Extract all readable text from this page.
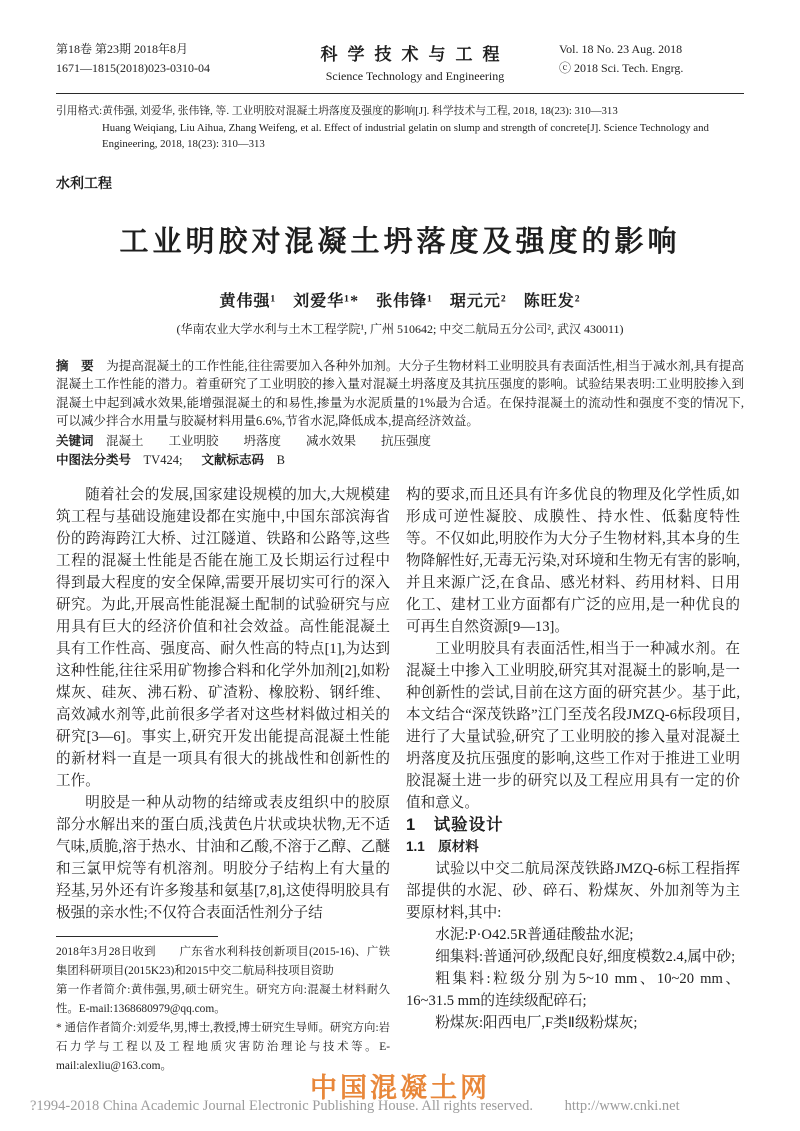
第18卷 第23期 2018年8月
1671—1815(2018)023-0310-04
科学技术与工程
Science Technology and Engineering
Vol. 18 No. 23 Aug. 2018
ⓒ 2018 Sci. Tech. Engrg.
引用格式:黄伟强, 刘爱华, 张伟锋, 等. 工业明胶对混凝土坍落度及强度的影响[J]. 科学技术与工程, 2018, 18(23): 310—313
Huang Weiqiang, Liu Aihua, Zhang Weifeng, et al. Effect of industrial gelatin on slump and strength of concrete[J]. Science Technology and Engineering, 2018, 18(23): 310—313
水利工程
工业明胶对混凝土坍落度及强度的影响
黄伟强¹　刘爱华¹*　张伟锋¹　琚元元²　陈旺发²
(华南农业大学水利与土木工程学院¹, 广州 510642; 中交二航局五分公司², 武汉 430011)
摘　要　为提高混凝土的工作性能,往往需要加入各种外加剂。大分子生物材料工业明胶具有表面活性,相当于减水剂,具有提高混凝土工作性能的潜力。着重研究了工业明胶的掺入量对混凝土坍落度及其抗压强度的影响。试验结果表明:工业明胶掺入到混凝土中起到减水效果,能增强混凝土的和易性,掺量为水泥质量的1%最为合适。在保持混凝土的流动性和强度不变的情况下,可以减少拌合水用量与胶凝材料用量6.6%,节省水泥,降低成本,提高经济效益。
关键词　 混凝土　　工业明胶　　坍落度　　减水效果　　抗压强度
中图法分类号　 TV424; 文献标志码　 B

随着社会的发展,国家建设规模的加大,大规模建筑工程与基础设施建设都在实施中,中国东部滨海省份的跨海跨江大桥、过江隧道、铁路和公路等,这些工程的混凝土性能是否能在施工及长期运行过程中得到最大程度的安全保障,需要开展切实可行的深入研究。为此,开展高性能混凝土配制的试验研究与应用具有巨大的经济价值和社会效益。高性能混凝土具有工作性高、强度高、耐久性高的特点[1],为达到这种性能,往往采用矿物掺合料和化学外加剂[2],如粉煤灰、硅灰、沸石粉、矿渣粉、橡胶粉、钢纤维、高效减水剂等,此前很多学者对这些材料做过相关的研究[3—6]。事实上,研究开发出能提高混凝土性能的新材料一直是一项具有很大的挑战性和创新性的工作。

明胶是一种从动物的结缔或表皮组织中的胶原部分水解出来的蛋白质,浅黄色片状或块状物,无不适气味,质脆,溶于热水、甘油和乙酸,不溶于乙醇、乙醚和三氯甲烷等有机溶剂。明胶分子结构上有大量的羟基,另外还有许多羧基和氨基[7,8],这使得明胶具有极强的亲水性;不仅符合表面活性剂分子结

2018年3月28日收到　　广东省水利科技创新项目(2015-16)、广铁集团科研项目(2015K23)和2015中交二航局科技项目资助

第一作者简介:黄伟强,男,硕士研究生。研究方向:混凝土材料耐久性。E-mail:1368680979@qq.com。

* 通信作者简介:刘爱华,男,博士,教授,博士研究生导师。研究方向:岩石力学与工程以及工程地质灾害防治理论与技术等。E-mail:alexliu@163.com。

构的要求,而且还具有许多优良的物理及化学性质,如形成可逆性凝胶、成膜性、持水性、低黏度特性等。不仅如此,明胶作为大分子生物材料,其本身的生物降解性好,无毒无污染,对环境和生物无有害的影响,并且来源广泛,在食品、感光材料、药用材料、日用化工、建材工业方面都有广泛的应用,是一种优良的可再生自然资源[9—13]。

工业明胶具有表面活性,相当于一种减水剂。在混凝土中掺入工业明胶,研究其对混凝土的影响,是一种创新性的尝试,目前在这方面的研究甚少。基于此,本文结合“深茂铁路”江门至茂名段JMZQ-6标段项目,进行了大量试验,研究了工业明胶的掺入量对混凝土坍落度及抗压强度的影响,这些工作对于推进工业明胶混凝土进一步的研究以及工程应用具有一定的价值和意义。

1　试验设计

1.1　原材料

试验以中交二航局深茂铁路JMZQ-6标工程指挥部提供的水泥、砂、碎石、粉煤灰、外加剂等为主要原材料,其中:

水泥:P·O42.5R普通硅酸盐水泥;

细集料:普通河砂,级配良好,细度模数2.4,属中砂;

粗集料:粒级分别为5~10 mm、10~20 mm、16~31.5 mm的连续级配碎石;

粉煤灰:阳西电厂,F类Ⅱ级粉煤灰;

中国混凝土网
?1994-2018 China Academic Journal Electronic Publishing House. All rights reserved. http://www.cnki.net
